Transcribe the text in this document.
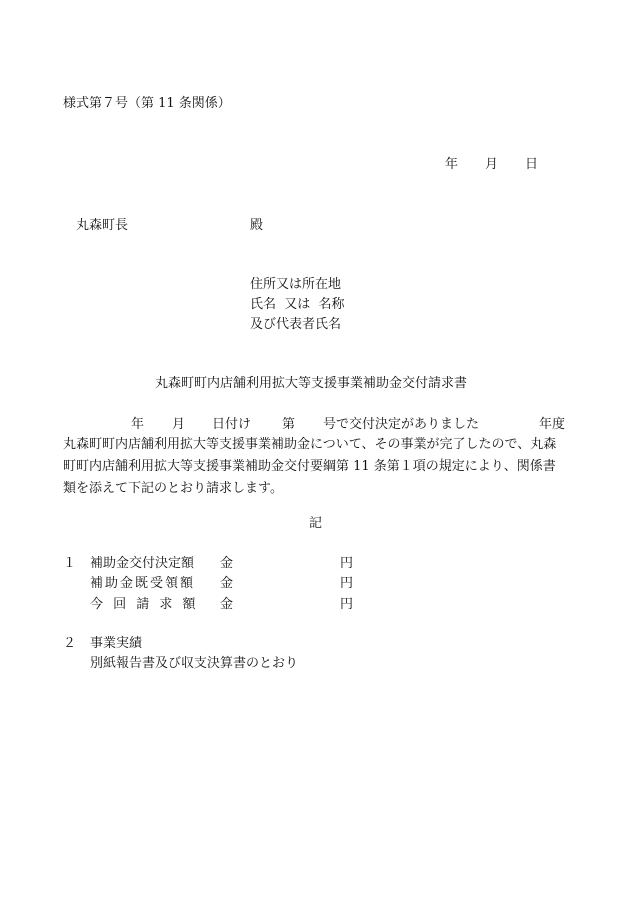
様式第７号（第 11 条関係）
年 月 日
丸森町長	殿
住所又は所在地
氏名  又は  名称
及び代表者氏名
丸森町町内店舗利用拡大等支援事業補助金交付請求書
年 月 日付け 第 号で交付決定がありました	年度
丸森町町内店舗利用拡大等支援事業補助金について、その事業が完了したので、丸森
町町内店舗利用拡大等支援事業補助金交付要綱第 11 条第１項の規定により、関係書
類を添えて下記のとおり請求します。
記
１ 補助金交付決定額 金	円
補助金既受領額 金	円
今 回 請 求 額 金	円
２ 事業実績
別紙報告書及び収支決算書のとおり
